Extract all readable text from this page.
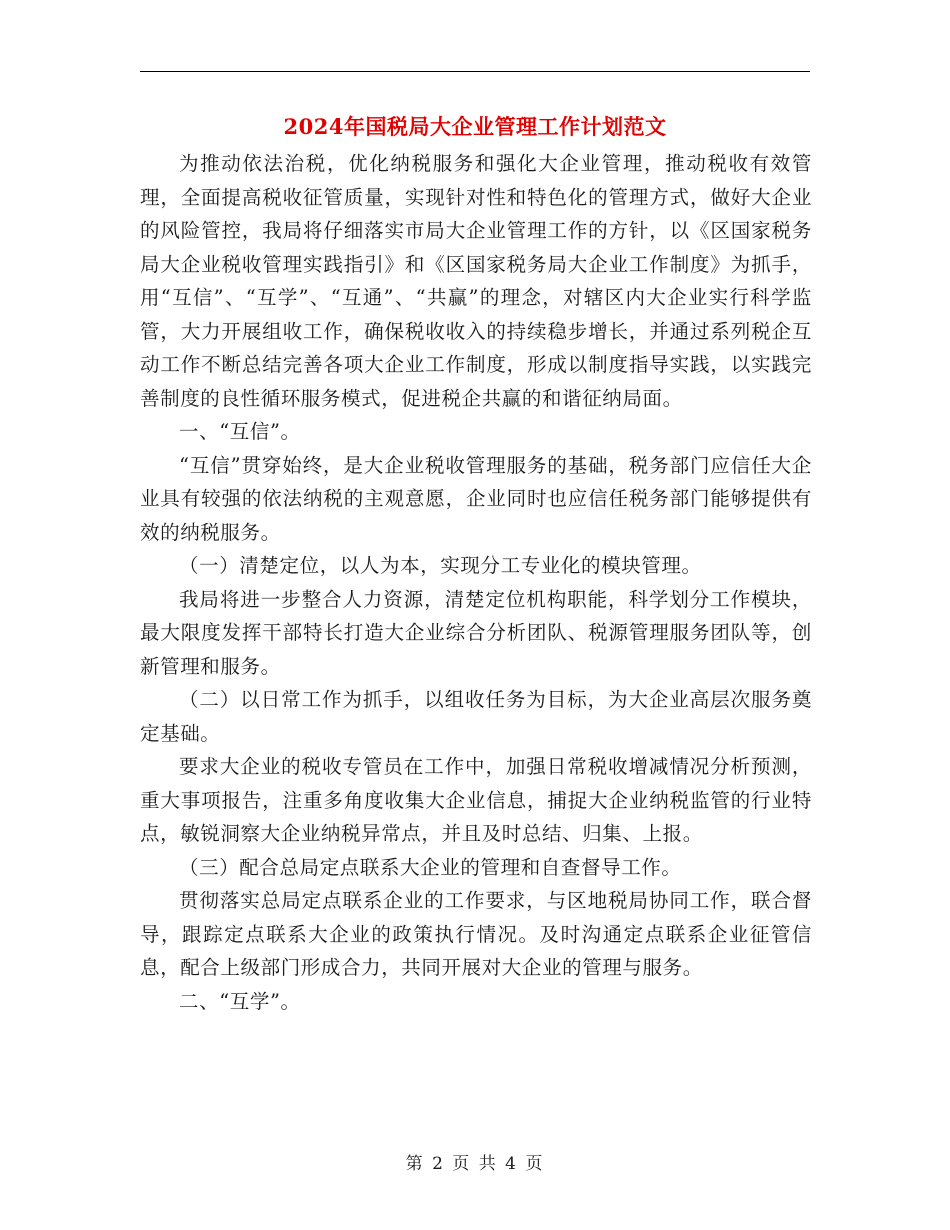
2024年国税局大企业管理工作计划范文

为推动依法治税，优化纳税服务和强化大企业管理，推动税收有效管理，全面提高税收征管质量，实现针对性和特色化的管理方式，做好大企业的风险管控，我局将仔细落实市局大企业管理工作的方针，以《区国家税务局大企业税收管理实践指引》和《区国家税务局大企业工作制度》为抓手，用“互信”、“互学”、“互通”、“共赢”的理念，对辖区内大企业实行科学监管，大力开展组收工作，确保税收收入的持续稳步增长，并通过系列税企互动工作不断总结完善各项大企业工作制度，形成以制度指导实践，以实践完善制度的良性循环服务模式，促进税企共赢的和谐征纳局面。

一、“互信”。

“互信”贯穿始终，是大企业税收管理服务的基础，税务部门应信任大企业具有较强的依法纳税的主观意愿，企业同时也应信任税务部门能够提供有效的纳税服务。

（一）清楚定位，以人为本，实现分工专业化的模块管理。

我局将进一步整合人力资源，清楚定位机构职能，科学划分工作模块，最大限度发挥干部特长打造大企业综合分析团队、税源管理服务团队等，创新管理和服务。

（二）以日常工作为抓手，以组收任务为目标，为大企业高层次服务奠定基础。

要求大企业的税收专管员在工作中，加强日常税收增减情况分析预测，重大事项报告，注重多角度收集大企业信息，捕捉大企业纳税监管的行业特点，敏锐洞察大企业纳税异常点，并且及时总结、归集、上报。

（三）配合总局定点联系大企业的管理和自查督导工作。

贯彻落实总局定点联系企业的工作要求，与区地税局协同工作，联合督导，跟踪定点联系大企业的政策执行情况。及时沟通定点联系企业征管信息，配合上级部门形成合力，共同开展对大企业的管理与服务。

二、“互学”。

第 2 页 共 4 页
